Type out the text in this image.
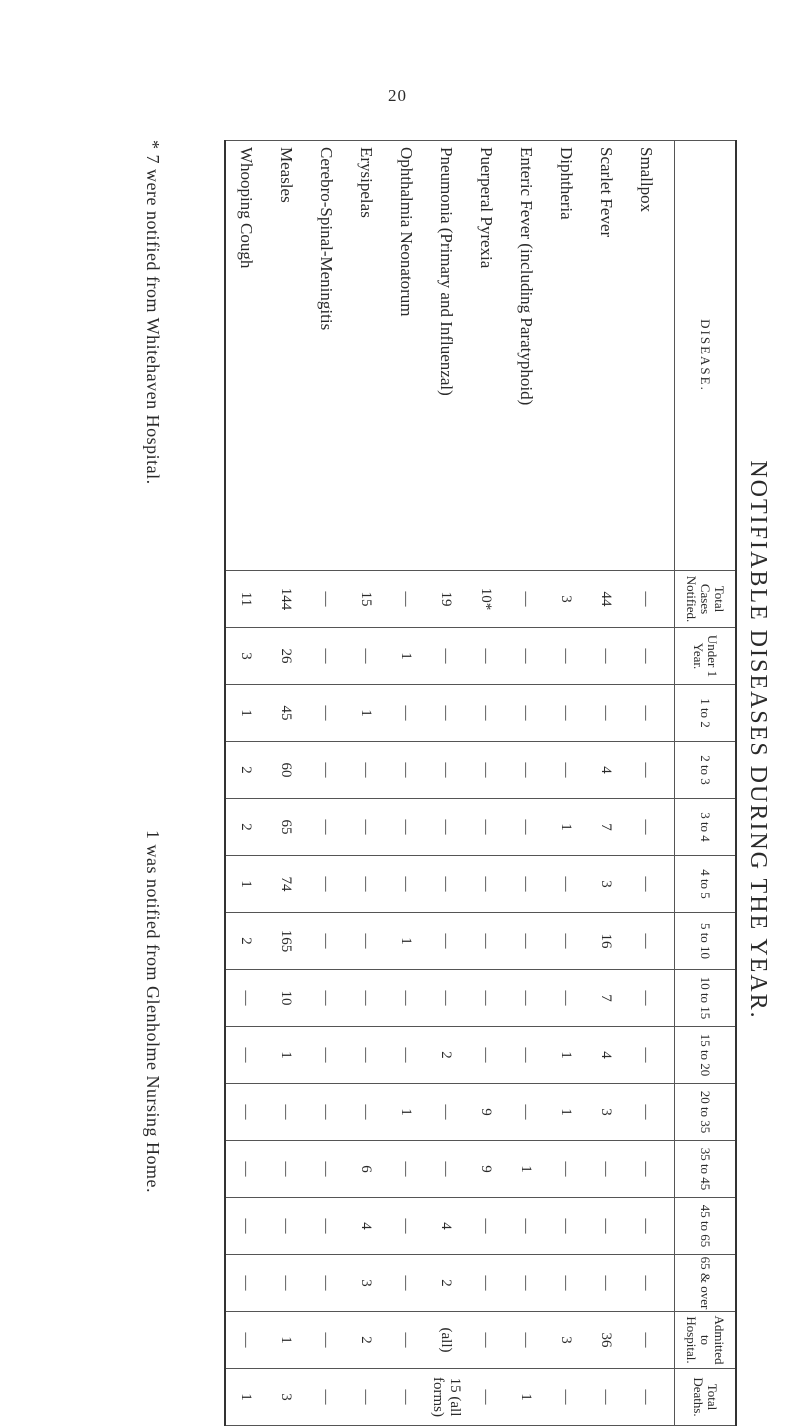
20
NOTIFIABLE DISEASES DURING THE YEAR.
DISEASE.	Total Cases Notified.	Under 1 Year.	1 to 2	2 to 3	3 to 4	4 to 5	5 to 10	10 to 15	15 to 20	20 to 35	35 to 45	45 to 65	65 & over	Admitted to Hospital.	Total Deaths.
Smallpox	—	—	—	—	—	—	—	—	—	—	—	—	—	—	—
Scarlet Fever	44	—	—	4	7	3	16	7	4	3	—	—	—	36	—
Diphtheria	3	—	—	—	1	—	—	—	1	1	—	—	—	3	—
Enteric Fever (including Paratyphoid)	—	—	—	—	—	—	—	—	—	—	1	—	—	—	1
Puerperal Pyrexia	10*	—	—	—	—	—	—	—	—	9	9	—	—	—	—
Pneumonia (Primary and Influenzal)	19	—	—	—	—	—	—	—	2	—	—	4	2	(all)	15 (all forms)
Ophthalmia Neonatorum	—	1	—	—	—	—	1	—	—	1	—	—	—	—	—
Erysipelas	15	—	1	—	—	—	—	—	—	—	6	4	3	2	—
Cerebro-Spinal-Meningitis	—	—	—	—	—	—	—	—	—	—	—	—	—	—	—
Measles	144	26	45	60	65	74	165	10	1	—	—	—	—	1	3
Whooping Cough	11	3	1	2	2	1	2	—	—	—	—	—	—	—	1
* 7 were notified from Whitehaven Hospital.
1 was notified from Glenholme Nursing Home.
